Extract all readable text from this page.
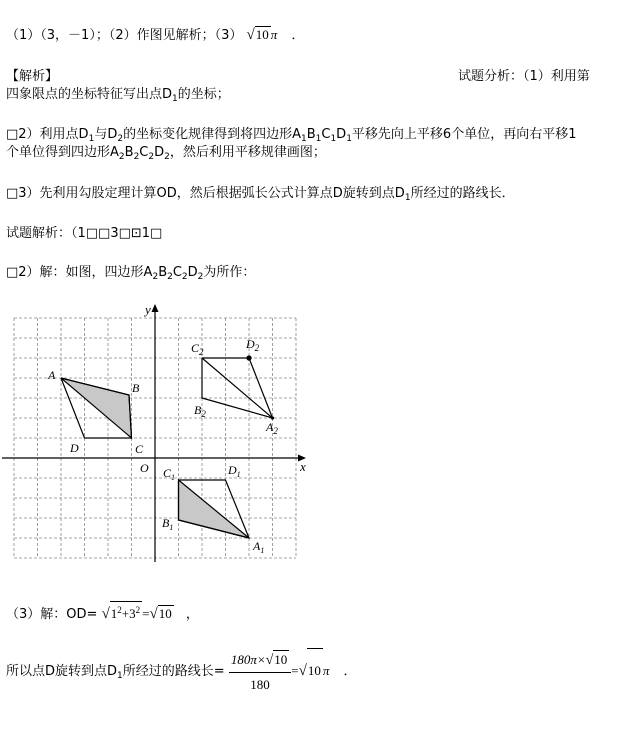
（1）（3，－1）；（2）作图见解析；（3） √10 π ．
【解析】	试题分析：（1）利用第
四象限点的坐标特征写出点$D_1$的坐标；
□2）利用点$D_1$与$D_2$的坐标变化规律得到将四边形$A_1B_1C_1D_1$平移先向上平移6个单位，再向右平移1
个单位得到四边形$A_2B_2C_2D_2$，然后利用平移规律画图；
□3）先利用勾股定理计算OD，然后根据弧长公式计算点D旋转到点$D_1$所经过的路线长．
试题解析：（1□□3□⊡1□
□2）解：如图，四边形$A_2B_2C_2D_2$为所作：
x
y
O
A
B
C
D
$C_1$
$D_1$
$B_1$
$A_1$
$C_2$
$D_2$
$B_2$
$A_2$
（3）解：$OD= √1^2+3^2 =√10$ ，
所以点D旋转到点$D_1$所经过的路线长= $\frac{180\pi\times√10}{180} =√10$ π ．
